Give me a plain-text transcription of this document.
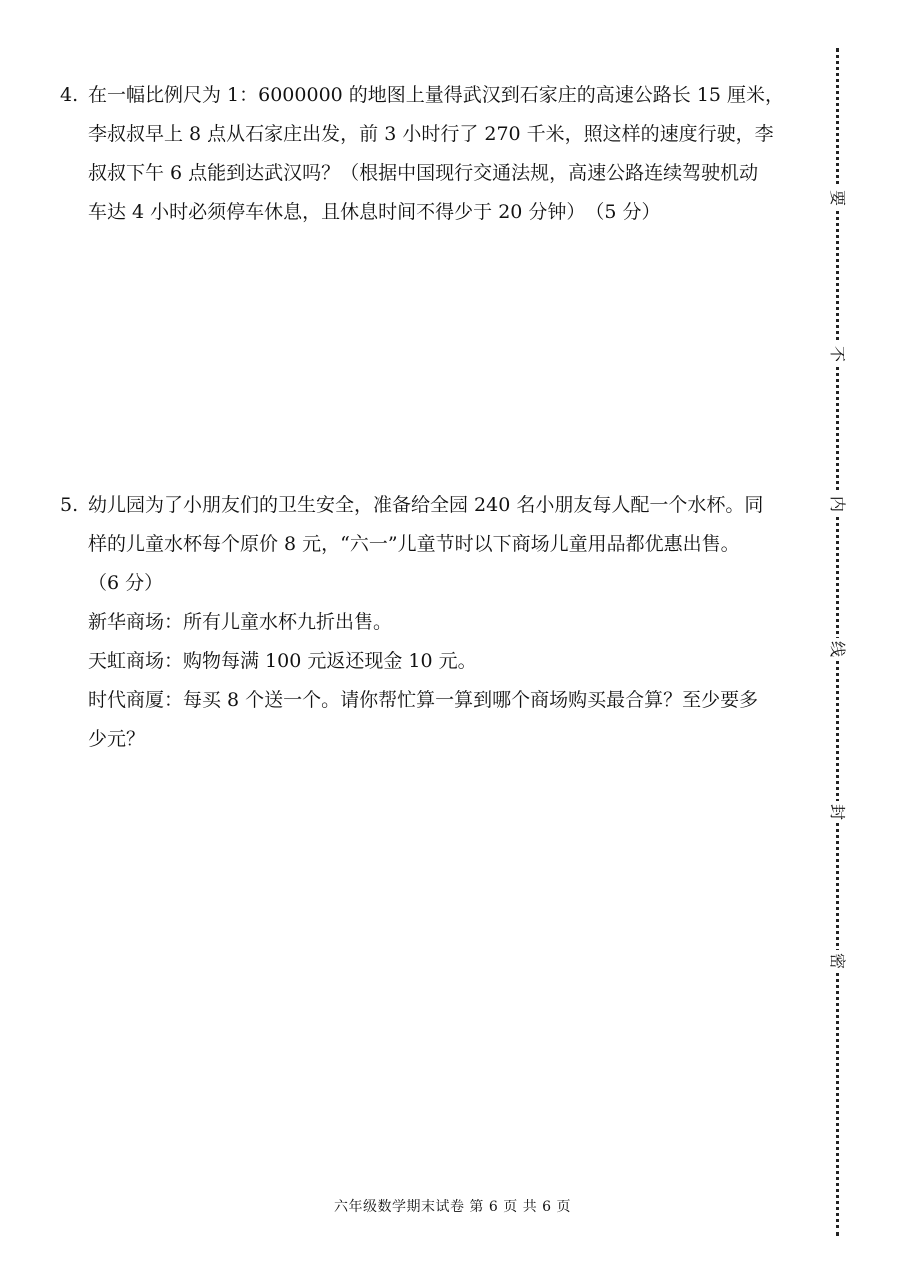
4. 在一幅比例尺为 1：6000000 的地图上量得武汉到石家庄的高速公路长 15 厘米，
李叔叔早上 8 点从石家庄出发，前 3 小时行了 270 千米，照这样的速度行驶，李
叔叔下午 6 点能到达武汉吗？（根据中国现行交通法规，高速公路连续驾驶机动
车达 4 小时必须停车休息，且休息时间不得少于 20 分钟）　（5 分）
5. 幼儿园为了小朋友们的卫生安全，准备给全园 240 名小朋友每人配一个水杯。同
样的儿童水杯每个原价 8 元，“六一”儿童节时以下商场儿童用品都优惠出售。
（6 分）
新华商场：所有儿童水杯九折出售。
天虹商场：购物每满 100 元返还现金 10 元。
时代商厦：每买 8 个送一个。请你帮忙算一算到哪个商场购买最合算？至少要多
少元？
六年级数学期末试卷 第 6 页 共 6 页
要
不
内
线
封
密
